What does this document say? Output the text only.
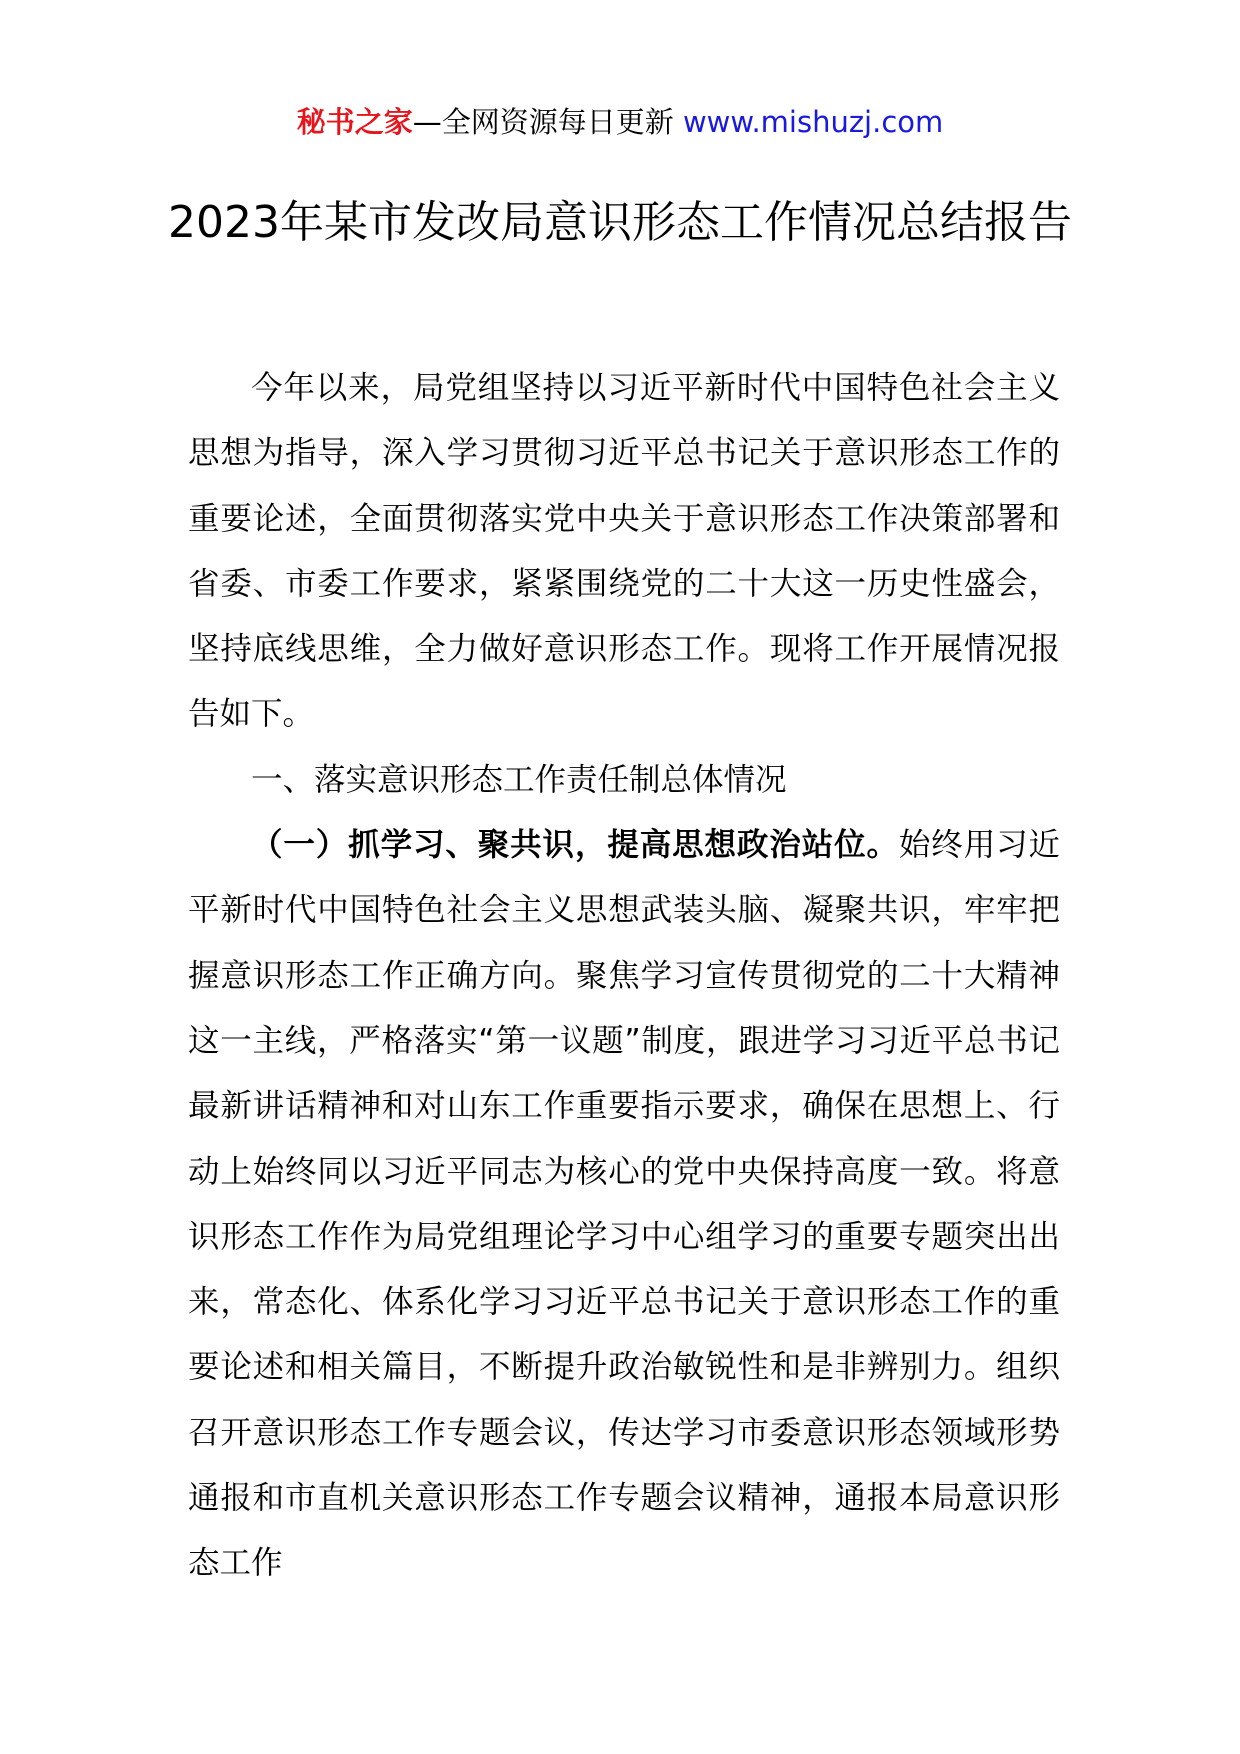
秘书之家—全网资源每日更新 www.mishuzj.com
2023年某市发改局意识形态工作情况总结报告

今年以来，局党组坚持以习近平新时代中国特色社会主义思想为指导，深入学习贯彻习近平总书记关于意识形态工作的重要论述，全面贯彻落实党中央关于意识形态工作决策部署和省委、市委工作要求，紧紧围绕党的二十大这一历史性盛会，坚持底线思维，全力做好意识形态工作。现将工作开展情况报告如下。

一、落实意识形态工作责任制总体情况

（一）抓学习、聚共识，提高思想政治站位。始终用习近平新时代中国特色社会主义思想武装头脑、凝聚共识，牢牢把握意识形态工作正确方向。聚焦学习宣传贯彻党的二十大精神这一主线，严格落实“第一议题”制度，跟进学习习近平总书记最新讲话精神和对山东工作重要指示要求，确保在思想上、行动上始终同以习近平同志为核心的党中央保持高度一致。将意识形态工作作为局党组理论学习中心组学习的重要专题突出出来，常态化、体系化学习习近平总书记关于意识形态工作的重要论述和相关篇目，不断提升政治敏锐性和是非辨别力。组织召开意识形态工作专题会议，传达学习市委意识形态领域形势通报和市直机关意识形态工作专题会议精神，通报本局意识形态工作
